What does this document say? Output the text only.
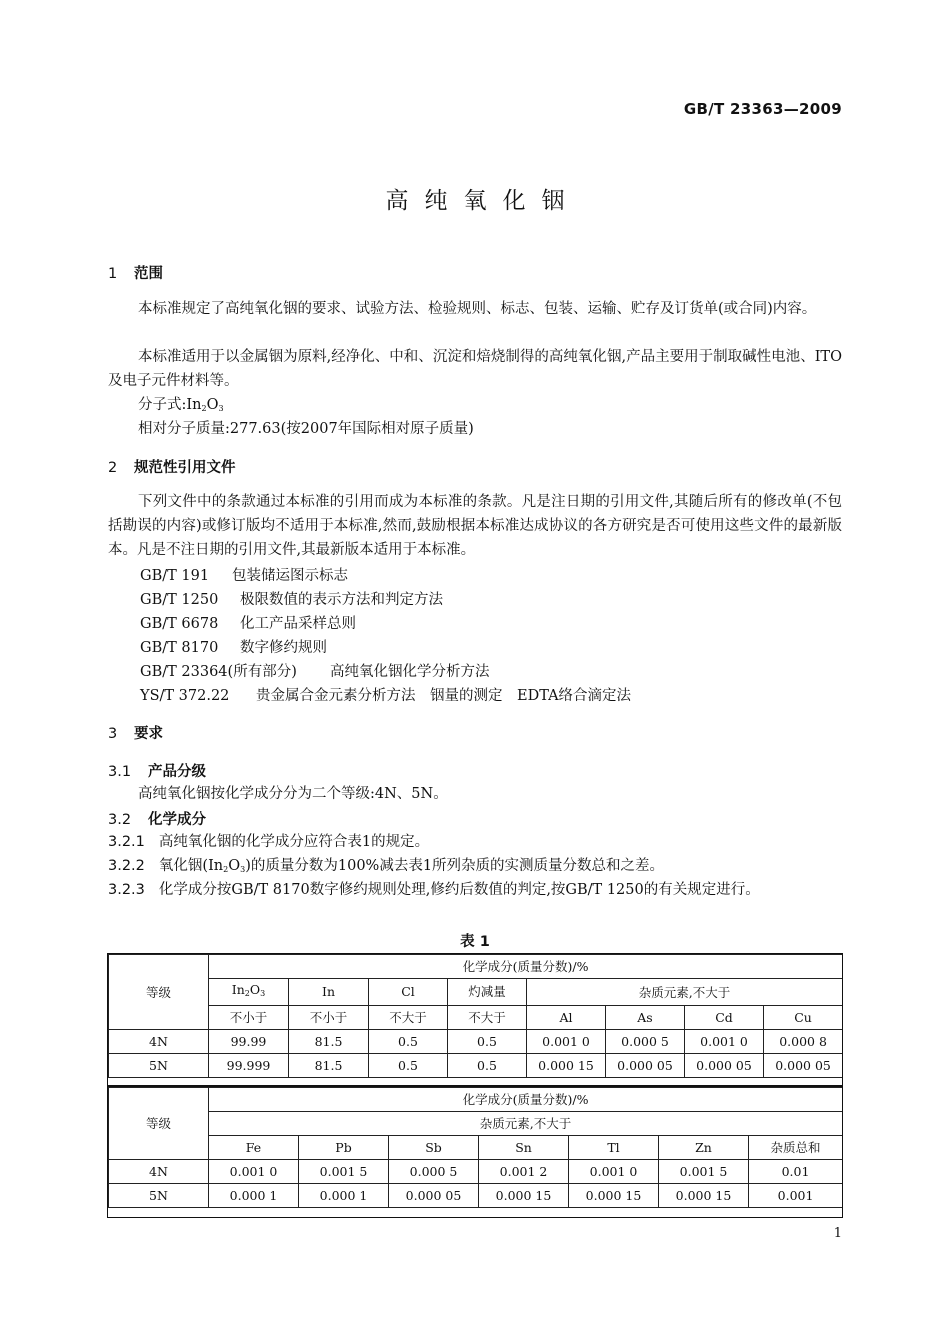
GB/T 23363—2009
高纯氧化铟
1 范围
本标准规定了高纯氧化铟的要求、试验方法、检验规则、标志、包装、运输、贮存及订货单(或合同)内容。
本标准适用于以金属铟为原料,经净化、中和、沉淀和焙烧制得的高纯氧化铟,产品主要用于制取碱性电池、ITO及电子元件材料等。
分子式$:In_2O_3$
相对分子质量:277.63(按2007年国际相对原子质量)
2 规范性引用文件
下列文件中的条款通过本标准的引用而成为本标准的条款。凡是注日期的引用文件,其随后所有的修改单(不包括勘误的内容)或修订版均不适用于本标准,然而,鼓励根据本标准达成协议的各方研究是否可使用这些文件的最新版本。凡是不注日期的引用文件,其最新版本适用于本标准。
GB/T 191 包装储运图示标志
GB/T 1250 极限数值的表示方法和判定方法
GB/T 6678 化工产品采样总则
GB/T 8170 数字修约规则
GB/T 23364(所有部分) 高纯氧化铟化学分析方法
YS/T 372.22 贵金属合金元素分析方法　铟量的测定　EDTA络合滴定法
3 要求
3.1 产品分级
高纯氧化铟按化学成分分为二个等级:4N、5N。
3.2 化学成分
3.2.1 高纯氧化铟的化学成分应符合表1的规定。
3.2.2 氧化铟$(In_2O_3)$的质量分数为100%减去表1所列杂质的实测质量分数总和之差。
3.2.3 化学成分按GB/T 8170数字修约规则处理,修约后数值的判定,按GB/T 1250的有关规定进行。
表 1
等级	化学成分(质量分数)/%							
	$In_2O_3$	In	Cl	灼减量	杂质元素,不大于			
	不小于	不小于	不大于	不大于	Al	As	Cd	Cu
4N	99.99	81.5	0.5	0.5	0.001 0	0.000 5	0.001 0	0.000 8
5N	99.999	81.5	0.5	0.5	0.000 15	0.000 05	0.000 05	0.000 05
等级	化学成分(质量分数)/%						
	杂质元素,不大于						
	Fe	Pb	Sb	Sn	Tl	Zn	杂质总和
4N	0.001 0	0.001 5	0.000 5	0.001 2	0.001 0	0.001 5	0.01
5N	0.000 1	0.000 1	0.000 05	0.000 15	0.000 15	0.000 15	0.001
1
